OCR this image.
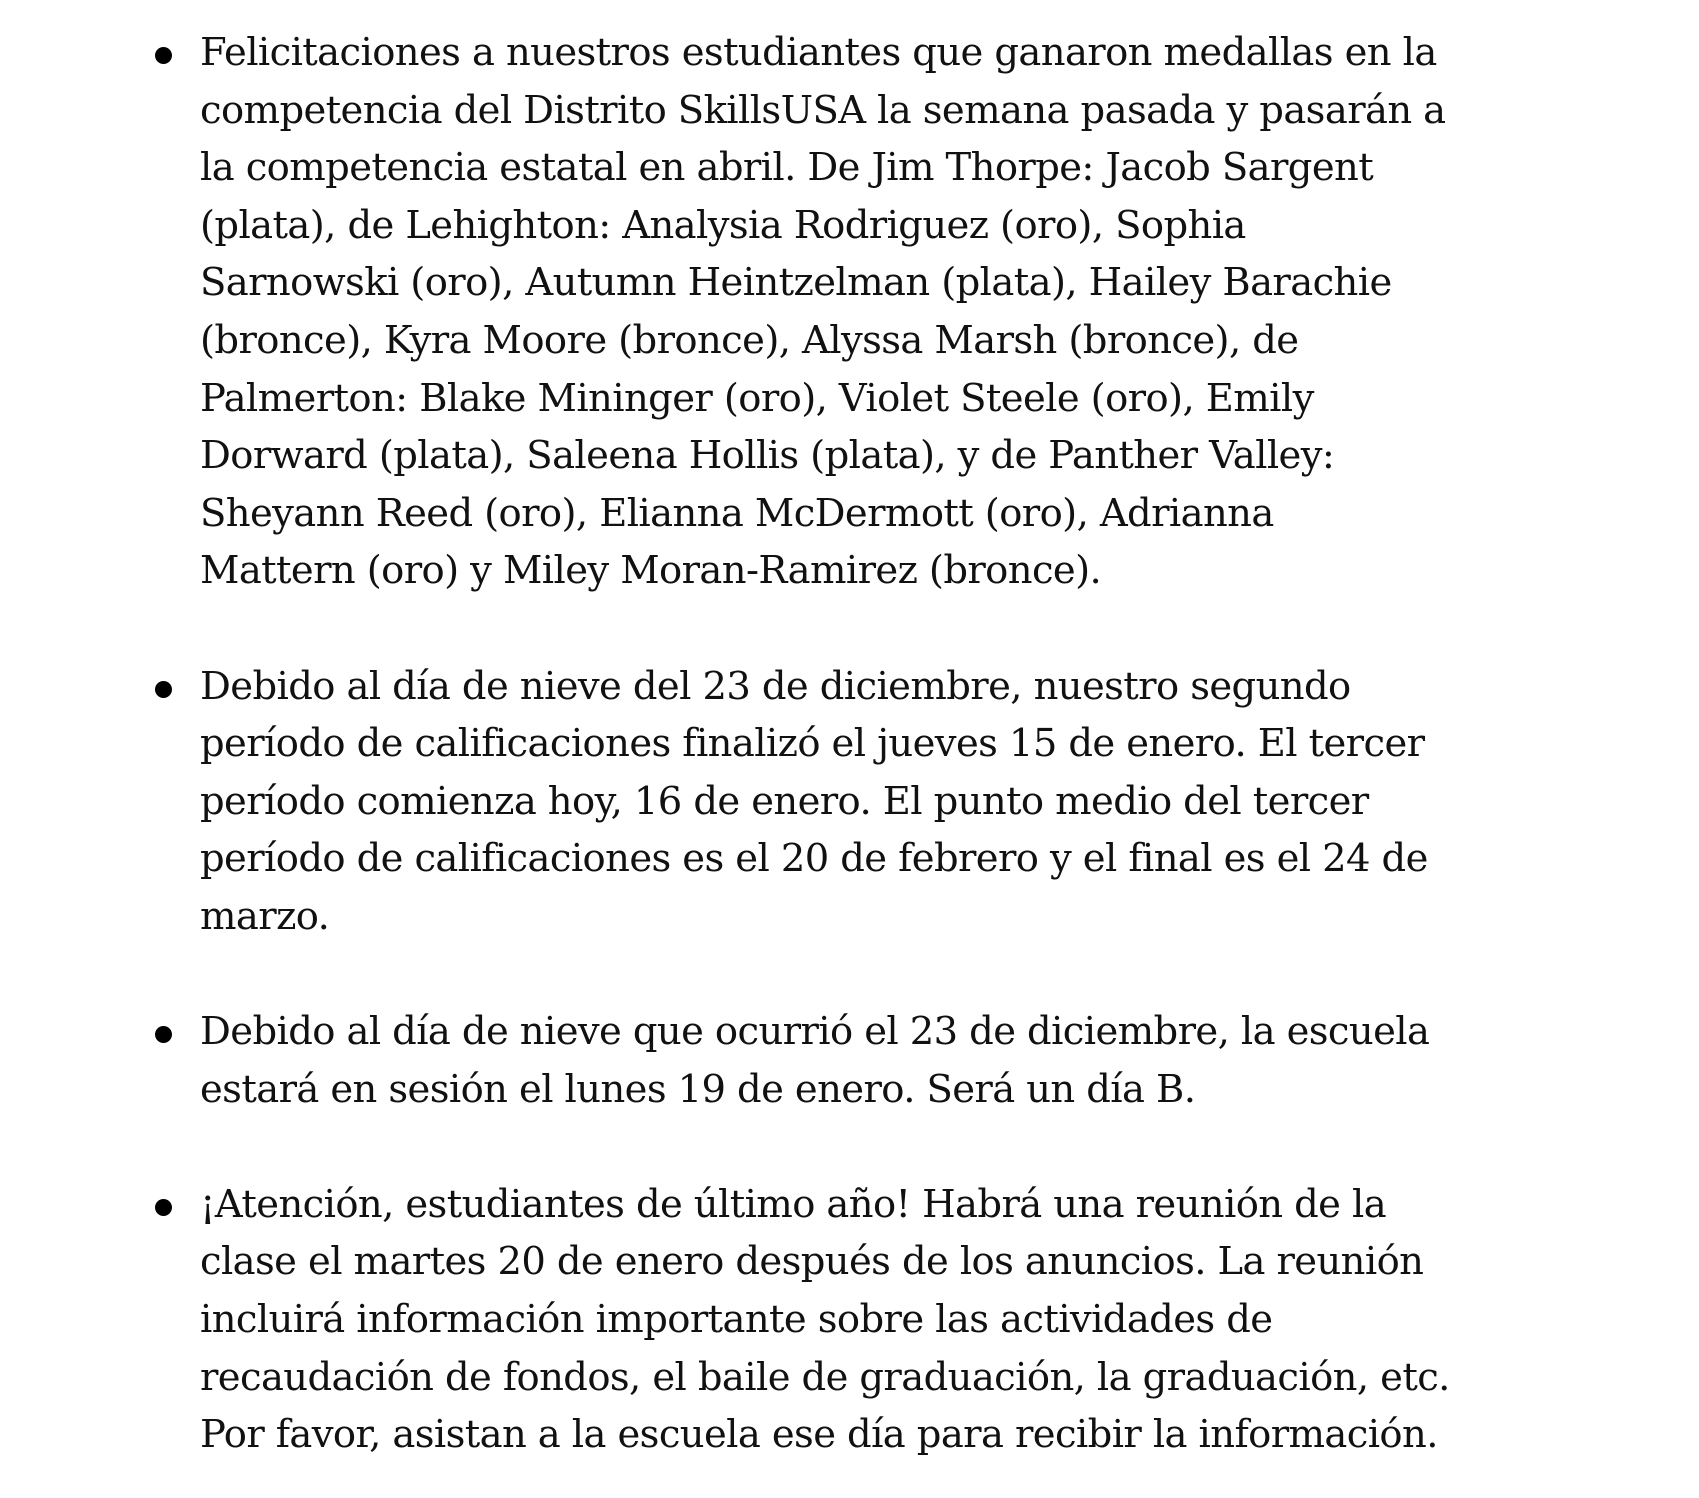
Felicitaciones a nuestros estudiantes que ganaron medallas en la
competencia del Distrito SkillsUSA la semana pasada y pasarán a
la competencia estatal en abril. De Jim Thorpe: Jacob Sargent
(plata), de Lehighton: Analysia Rodriguez (oro), Sophia
Sarnowski (oro), Autumn Heintzelman (plata), Hailey Barachie
(bronce), Kyra Moore (bronce), Alyssa Marsh (bronce), de
Palmerton: Blake Mininger (oro), Violet Steele (oro), Emily
Dorward (plata), Saleena Hollis (plata), y de Panther Valley:
Sheyann Reed (oro), Elianna McDermott (oro), Adrianna
Mattern (oro) y Miley Moran-Ramirez (bronce).
Debido al día de nieve del 23 de diciembre, nuestro segundo
período de calificaciones finalizó el jueves 15 de enero. El tercer
período comienza hoy, 16 de enero. El punto medio del tercer
período de calificaciones es el 20 de febrero y el final es el 24 de
marzo.
Debido al día de nieve que ocurrió el 23 de diciembre, la escuela
estará en sesión el lunes 19 de enero. Será un día B.
¡Atención, estudiantes de último año! Habrá una reunión de la
clase el martes 20 de enero después de los anuncios. La reunión
incluirá información importante sobre las actividades de
recaudación de fondos, el baile de graduación, la graduación, etc.
Por favor, asistan a la escuela ese día para recibir la información.
